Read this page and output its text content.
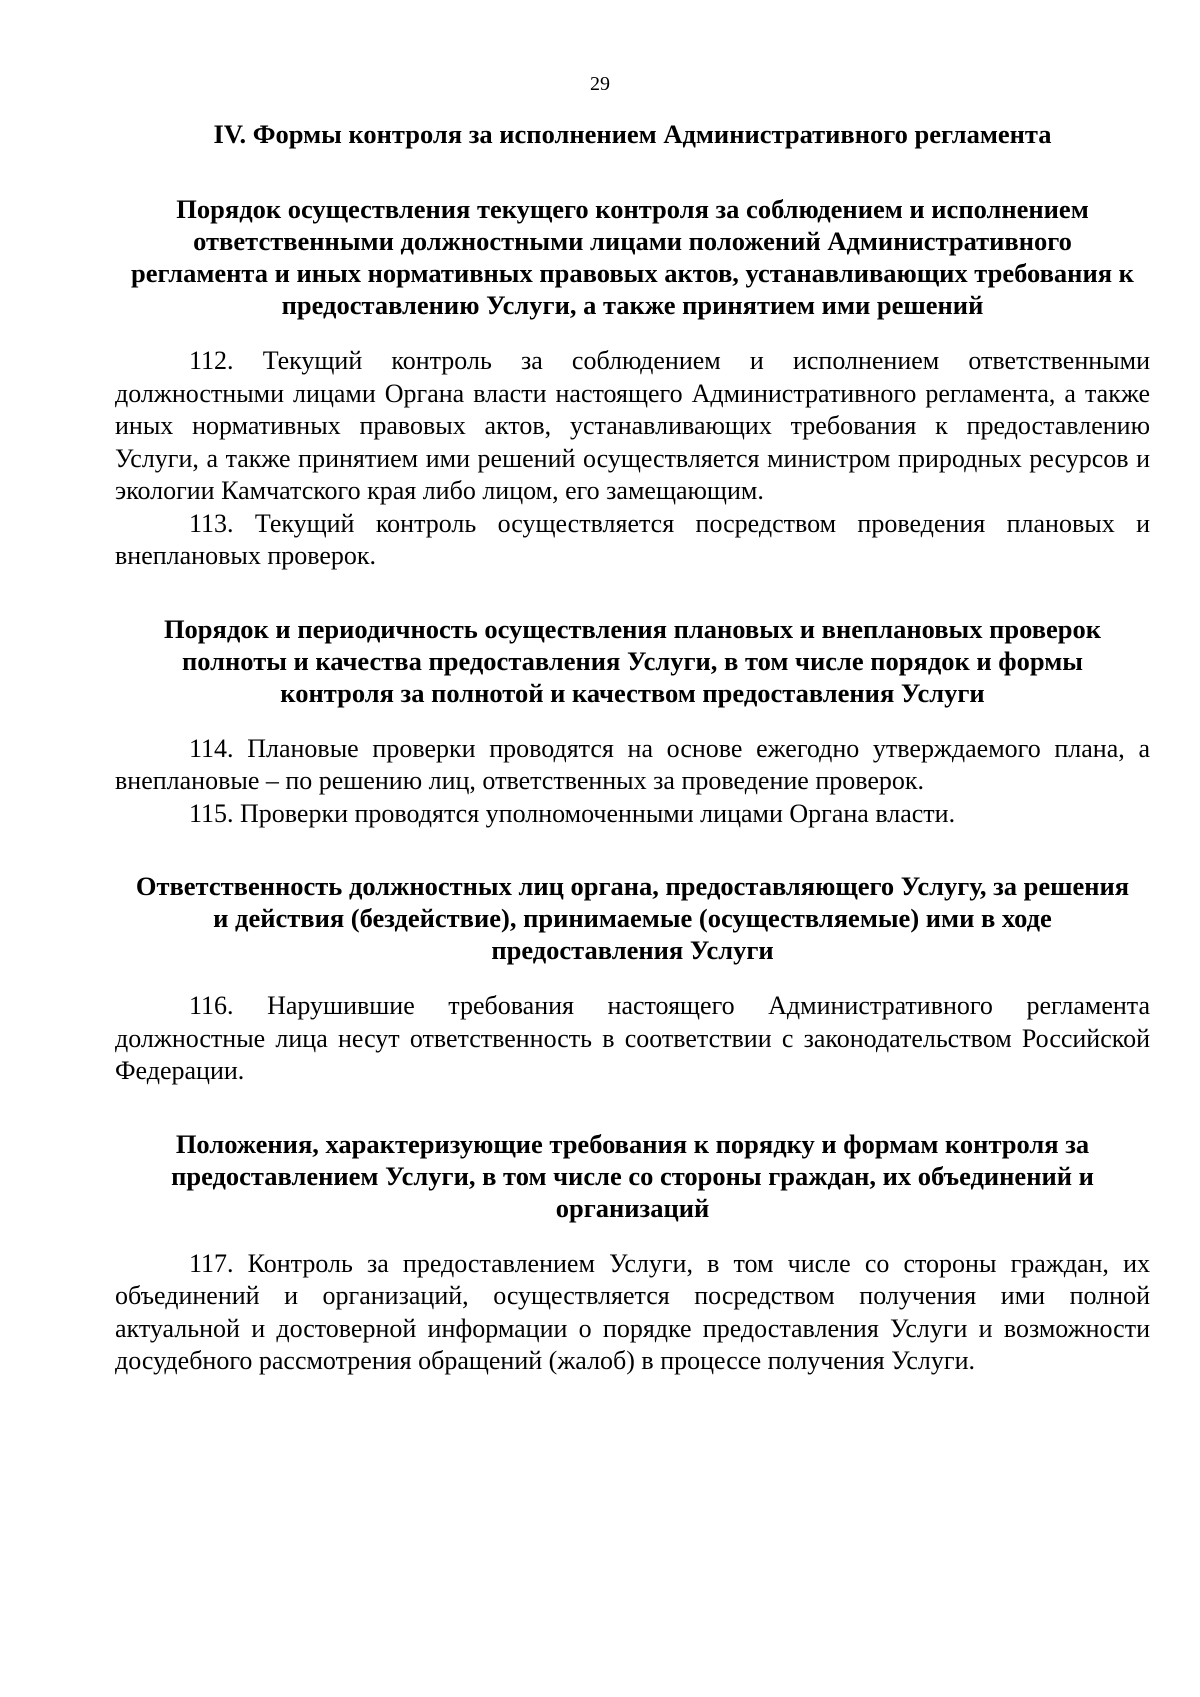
29
IV. Формы контроля за исполнением Административного регламента
Порядок осуществления текущего контроля за соблюдением и исполнением ответственными должностными лицами положений Административного регламента и иных нормативных правовых актов, устанавливающих требования к предоставлению Услуги, а также принятием ими решений

112. Текущий контроль за соблюдением и исполнением ответственными должностными лицами Органа власти настоящего Административного регламента, а также иных нормативных правовых актов, устанавливающих требования к предоставлению Услуги, а также принятием ими решений осуществляется министром природных ресурсов и экологии Камчатского края либо лицом, его замещающим.

113. Текущий контроль осуществляется посредством проведения плановых и внеплановых проверок.

Порядок и периодичность осуществления плановых и внеплановых проверок полноты и качества предоставления Услуги, в том числе порядок и формы контроля за полнотой и качеством предоставления Услуги

114. Плановые проверки проводятся на основе ежегодно утверждаемого плана, а внеплановые – по решению лиц, ответственных за проведение проверок.

115. Проверки проводятся уполномоченными лицами Органа власти.

Ответственность должностных лиц органа, предоставляющего Услугу, за решения и действия (бездействие), принимаемые (осуществляемые) ими в ходе предоставления Услуги

116. Нарушившие требования настоящего Административного регламента должностные лица несут ответственность в соответствии с законодательством Российской Федерации.

Положения, характеризующие требования к порядку и формам контроля за предоставлением Услуги, в том числе со стороны граждан, их объединений и организаций

117. Контроль за предоставлением Услуги, в том числе со стороны граждан, их объединений и организаций, осуществляется посредством получения ими полной актуальной и достоверной информации о порядке предоставления Услуги и возможности досудебного рассмотрения обращений (жалоб) в процессе получения Услуги.
